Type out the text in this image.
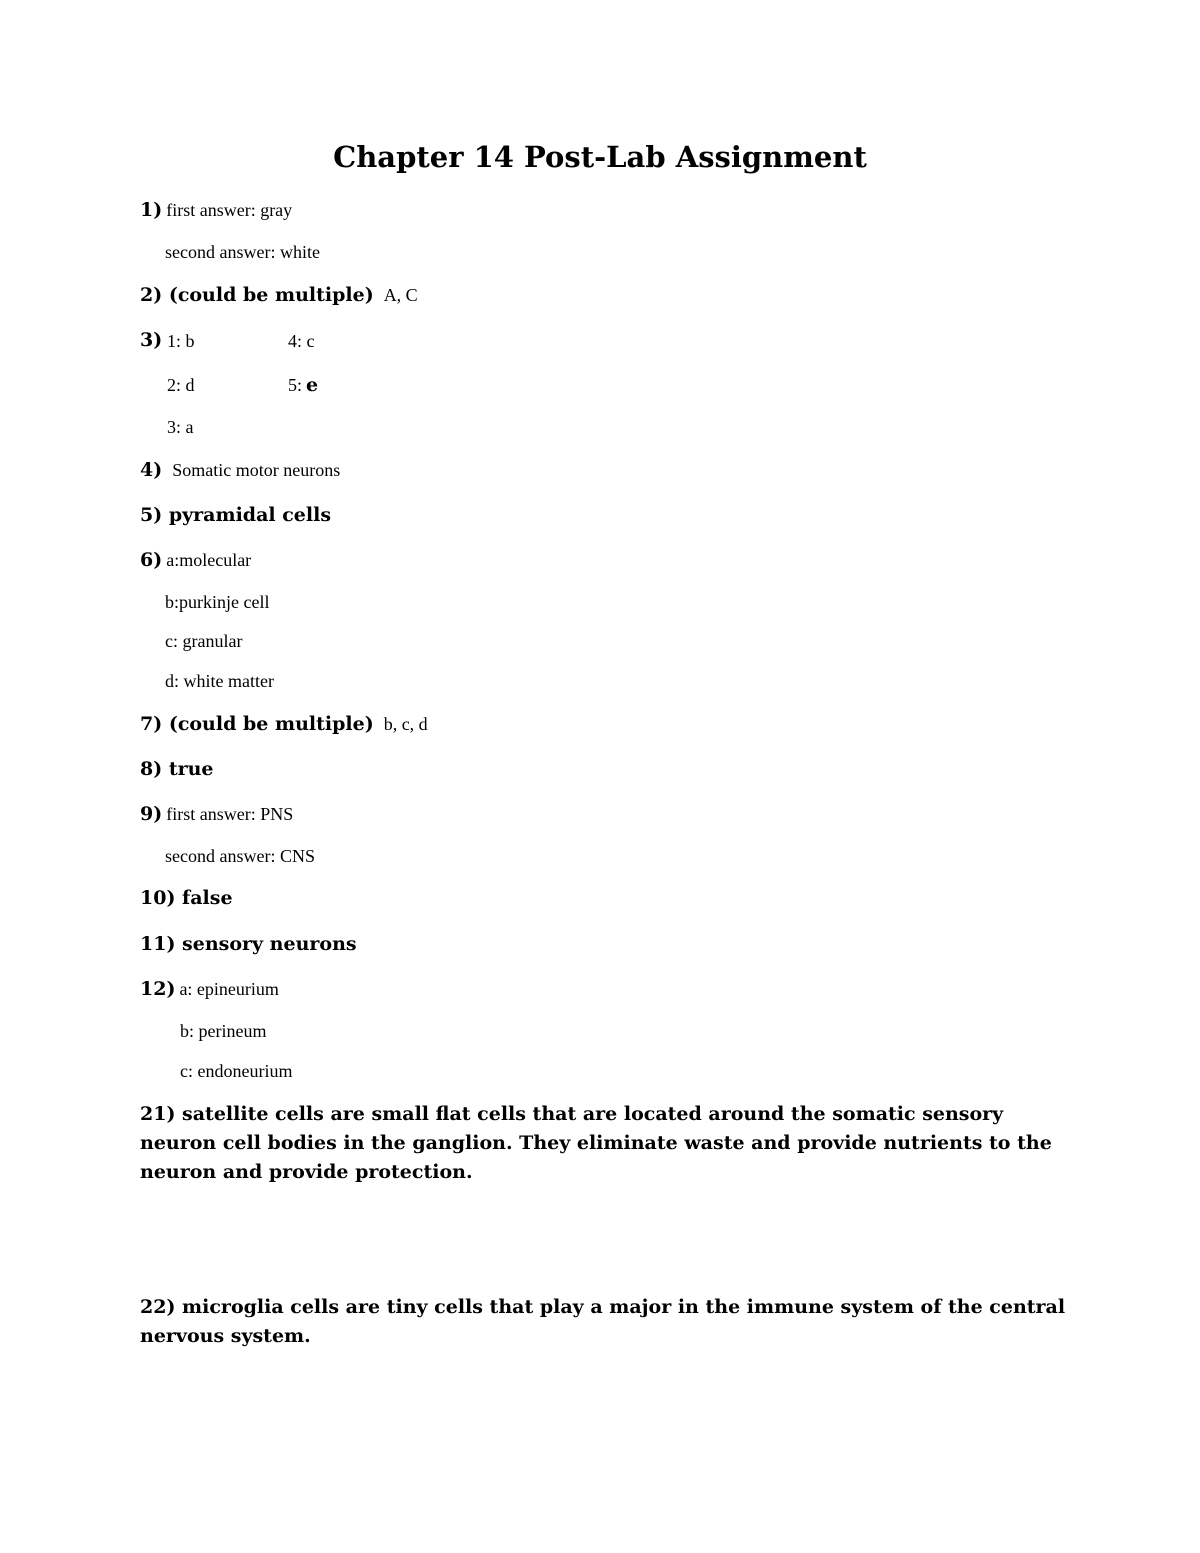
Chapter 14 Post-Lab Assignment
1) first answer: gray
second answer: white
2) (could be multiple) A, C
3) 1: b	4: c
2: d	5: e
3: a
4) Somatic motor neurons
5) pyramidal cells
6) a:molecular
b:purkinje cell
c: granular
d: white matter
7) (could be multiple) b, c, d
8) true
9) first answer: PNS
second answer: CNS
10) false
11) sensory neurons
12) a: epineurium
b: perineum
c: endoneurium
21) satellite cells are small flat cells that are located around the somatic sensory neuron cell bodies in the ganglion. They eliminate waste and provide nutrients to the neuron and provide protection.
22) microglia cells are tiny cells that play a major in the immune system of the central nervous system.
